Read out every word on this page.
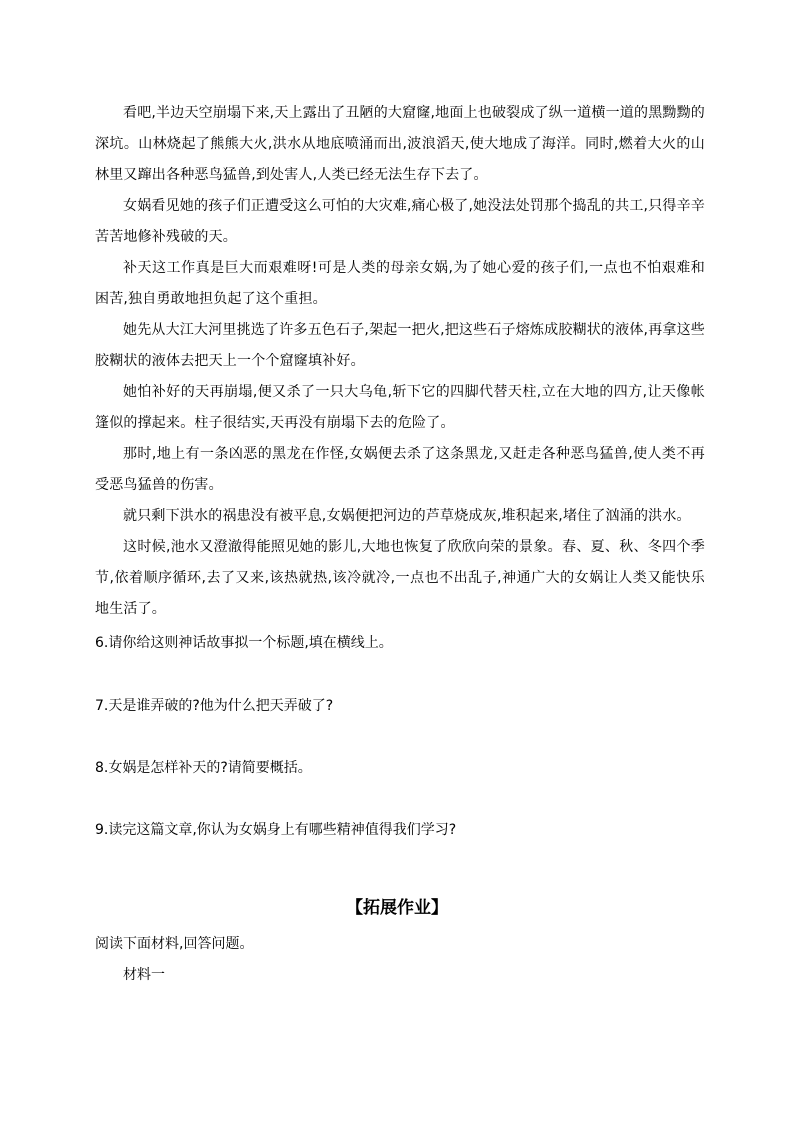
看吧,半边天空崩塌下来,天上露出了丑陋的大窟窿,地面上也破裂成了纵一道横一道的黑黝黝的深坑。山林烧起了熊熊大火,洪水从地底喷涌而出,波浪滔天,使大地成了海洋。同时,燃着大火的山林里又蹿出各种恶鸟猛兽,到处害人,人类已经无法生存下去了。

女娲看见她的孩子们正遭受这么可怕的大灾难,痛心极了,她没法处罚那个捣乱的共工,只得辛辛苦苦地修补残破的天。

补天这工作真是巨大而艰难呀!可是人类的母亲女娲,为了她心爱的孩子们,一点也不怕艰难和困苦,独自勇敢地担负起了这个重担。

她先从大江大河里挑选了许多五色石子,架起一把火,把这些石子熔炼成胶糊状的液体,再拿这些胶糊状的液体去把天上一个个窟窿填补好。

她怕补好的天再崩塌,便又杀了一只大乌龟,斩下它的四脚代替天柱,立在大地的四方,让天像帐篷似的撑起来。柱子很结实,天再没有崩塌下去的危险了。

那时,地上有一条凶恶的黑龙在作怪,女娲便去杀了这条黑龙,又赶走各种恶鸟猛兽,使人类不再受恶鸟猛兽的伤害。

就只剩下洪水的祸患没有被平息,女娲便把河边的芦草烧成灰,堆积起来,堵住了汹涌的洪水。

这时候,池水又澄澈得能照见她的影儿,大地也恢复了欣欣向荣的景象。春、夏、秋、冬四个季节,依着顺序循环,去了又来,该热就热,该冷就冷,一点也不出乱子,神通广大的女娲让人类又能快乐地生活了。

6.请你给这则神话故事拟一个标题,填在横线上。

7.天是谁弄破的?他为什么把天弄破了?

8.女娲是怎样补天的?请简要概括。

9.读完这篇文章,你认为女娲身上有哪些精神值得我们学习?

【拓展作业】

阅读下面材料,回答问题。

材料一
